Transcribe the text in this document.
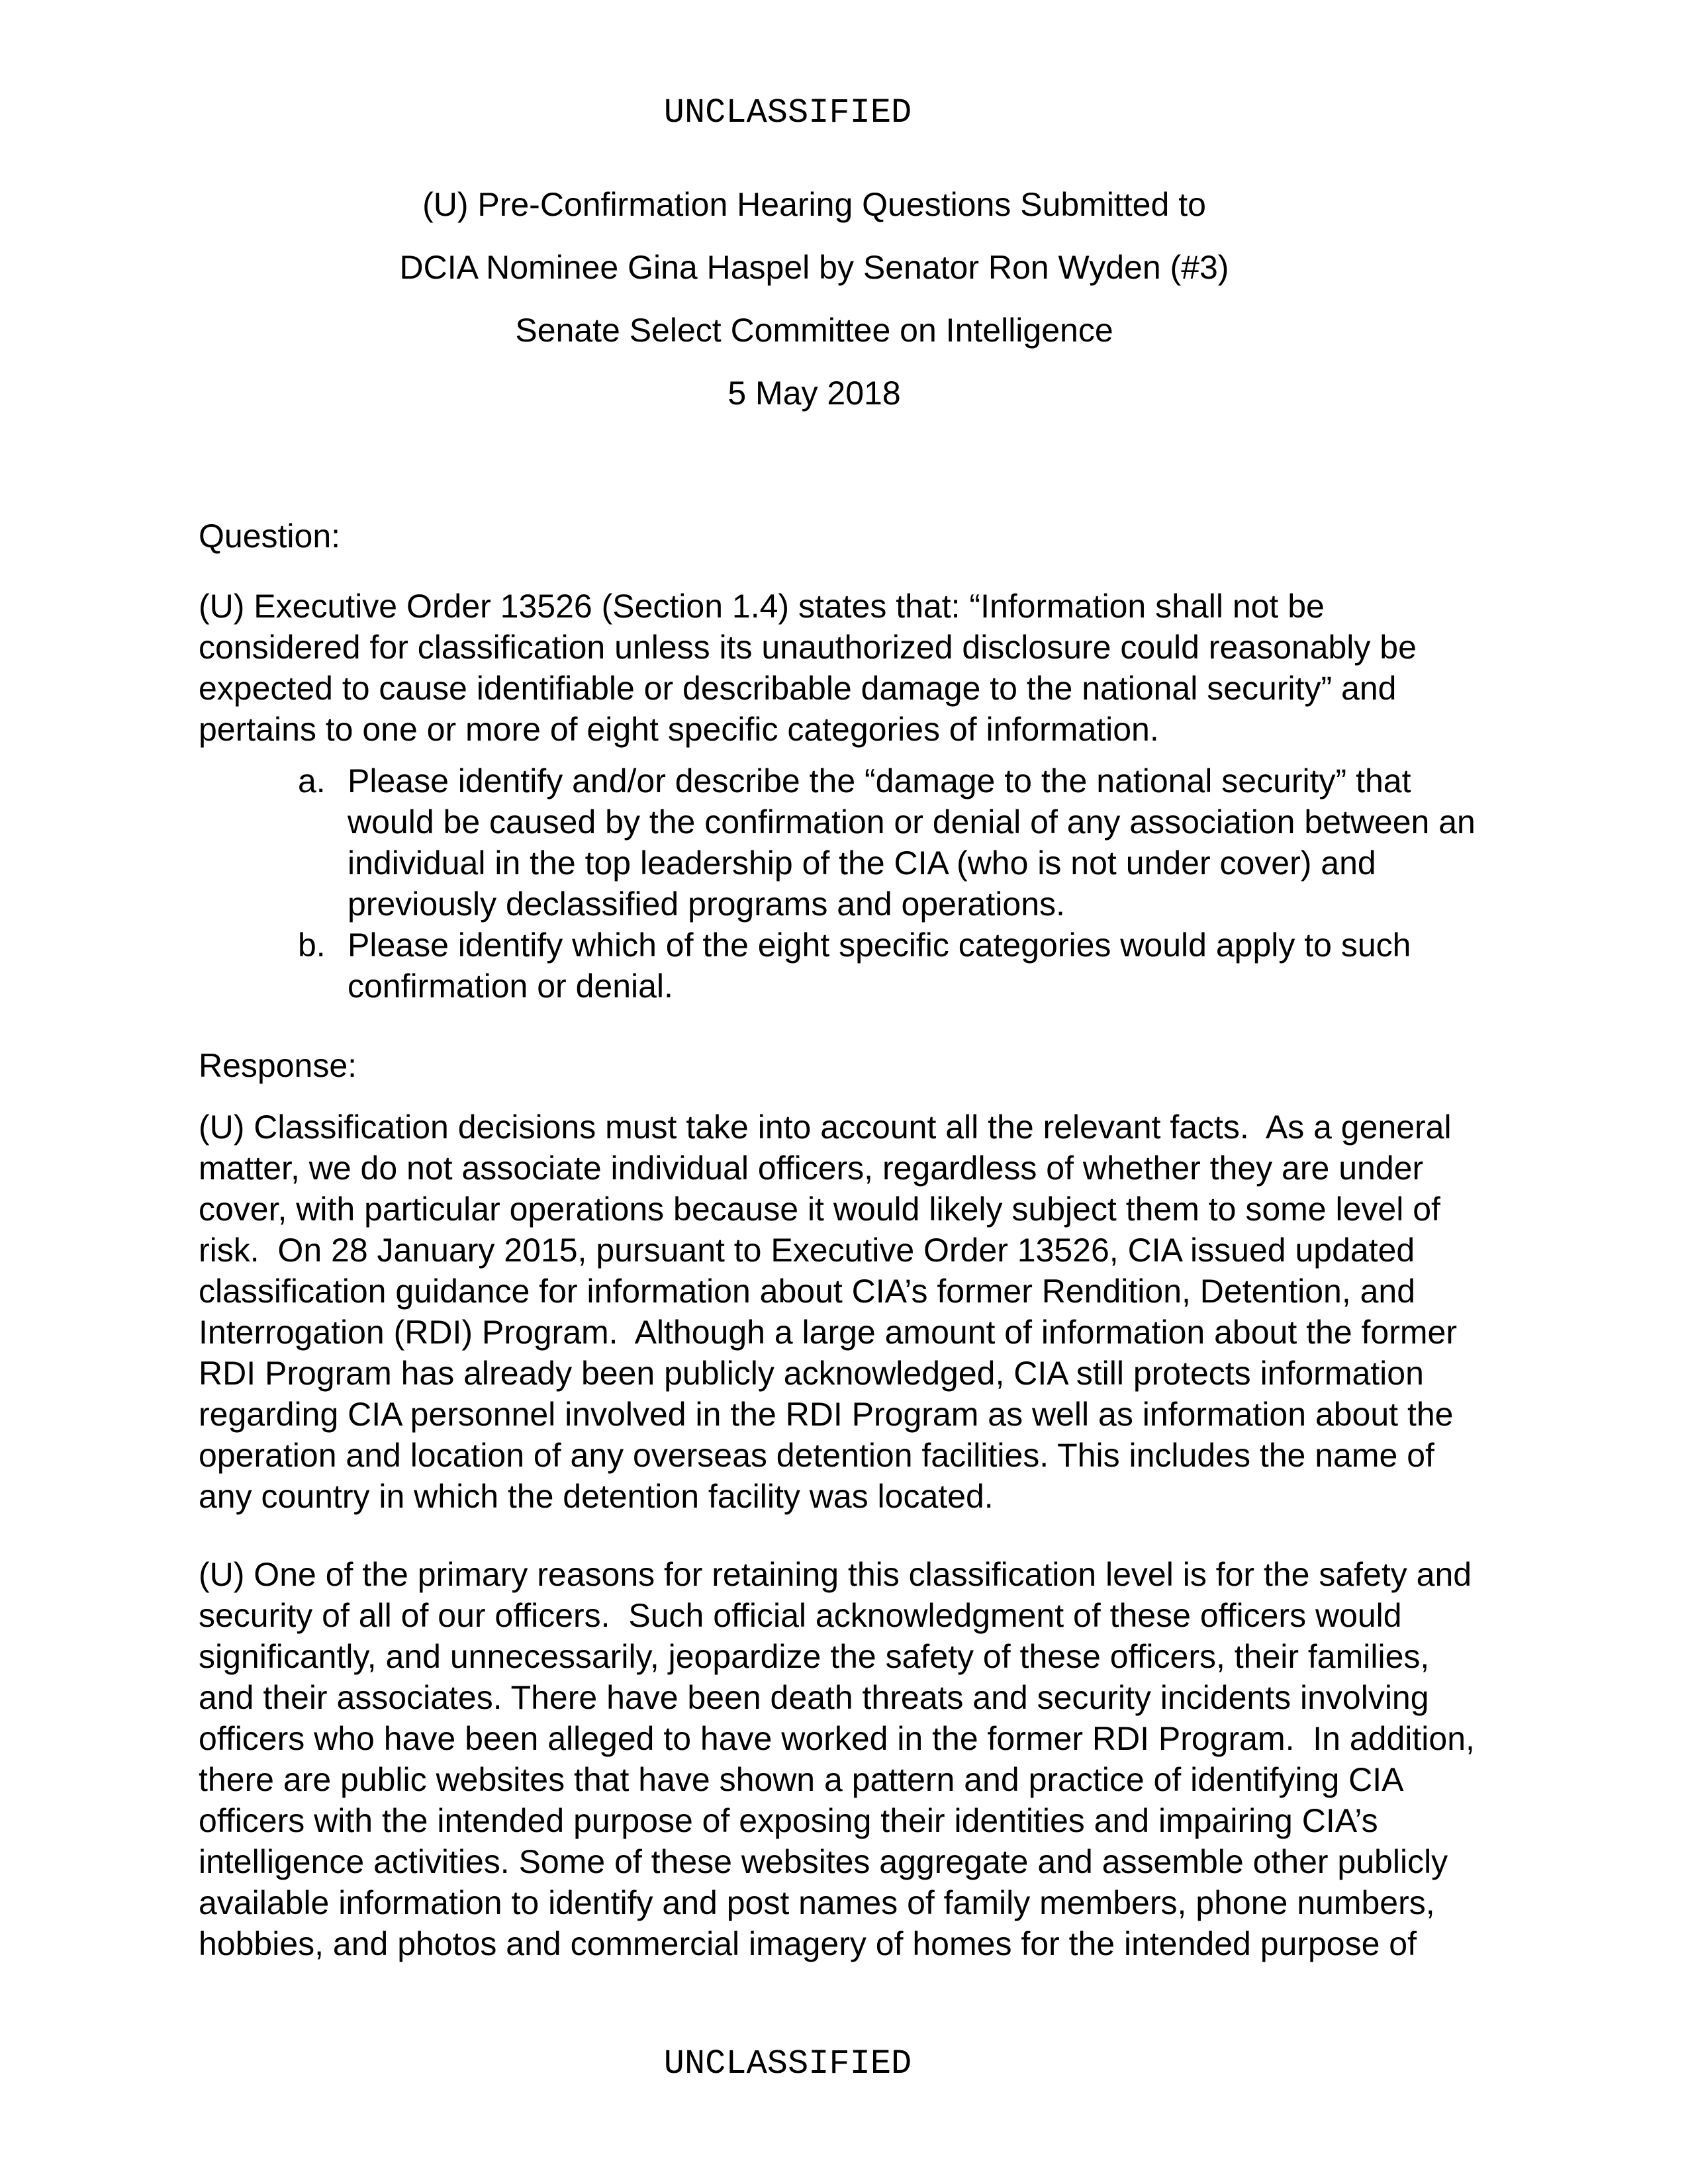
UNCLASSIFIED
(U) Pre-Confirmation Hearing Questions Submitted to
DCIA Nominee Gina Haspel by Senator Ron Wyden (#3)
Senate Select Committee on Intelligence
5 May 2018
Question:
(U) Executive Order 13526 (Section 1.4) states that: “Information shall not be considered for classification unless its unauthorized disclosure could reasonably be expected to cause identifiable or describable damage to the national security” and pertains to one or more of eight specific categories of information.
a. Please identify and/or describe the “damage to the national security” that would be caused by the confirmation or denial of any association between an individual in the top leadership of the CIA (who is not under cover) and previously declassified programs and operations.
b. Please identify which of the eight specific categories would apply to such confirmation or denial.
Response:
(U) Classification decisions must take into account all the relevant facts.  As a general matter, we do not associate individual officers, regardless of whether they are under cover, with particular operations because it would likely subject them to some level of risk.  On 28 January 2015, pursuant to Executive Order 13526, CIA issued updated classification guidance for information about CIA’s former Rendition, Detention, and Interrogation (RDI) Program.  Although a large amount of information about the former RDI Program has already been publicly acknowledged, CIA still protects information regarding CIA personnel involved in the RDI Program as well as information about the operation and location of any overseas detention facilities. This includes the name of any country in which the detention facility was located.
(U) One of the primary reasons for retaining this classification level is for the safety and security of all of our officers.  Such official acknowledgment of these officers would significantly, and unnecessarily, jeopardize the safety of these officers, their families, and their associates. There have been death threats and security incidents involving officers who have been alleged to have worked in the former RDI Program.  In addition, there are public websites that have shown a pattern and practice of identifying CIA officers with the intended purpose of exposing their identities and impairing CIA’s intelligence activities. Some of these websites aggregate and assemble other publicly available information to identify and post names of family members, phone numbers, hobbies, and photos and commercial imagery of homes for the intended purpose of
UNCLASSIFIED
